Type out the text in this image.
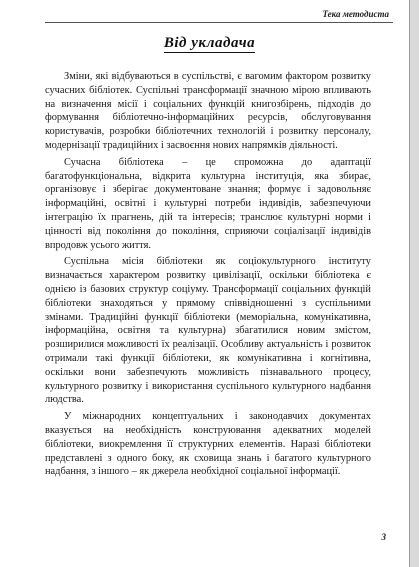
Тека методиста
Від укладача

Зміни, які відбуваються в суспільстві, є вагомим фактором розвитку сучасних бібліотек. Суспільні трансформації значною мірою впливають на визначення місії і соціальних функцій книгозбірень, підходів до формування бібліотечно-інформаційних ресурсів, обслуговування користувачів, розробки бібліотечних технологій і розвитку персоналу, модернізації традиційних і засвоєння нових напрямків діяльності.

Сучасна бібліотека – це спроможна до адаптації багатофункціональна, відкрита культурна інституція, яка збирає, організовує і зберігає документоване знання; формує і задовольняє інформаційні, освітні і культурні потреби індивідів, забезпечуючи інтеграцію їх прагнень, дій та інтересів; транслює культурні норми і цінності від покоління до покоління, сприяючи соціалізації індивідів впродовж усього життя.

Суспільна місія бібліотеки як соціокультурного інституту визначається характером розвитку цивілізації, оскільки бібліотека є однією із базових структур соціуму. Трансформації соціальних функцій бібліотеки знаходяться у прямому співвідношенні з суспільними змінами. Традиційні функції бібліотеки (меморіальна, комунікативна, інформаційна, освітня та культурна) збагатилися новим змістом, розширилися можливості їх реалізації. Особливу актуальність і розвиток отримали такі функції бібліотеки, як комунікативна і когнітивна, оскільки вони забезпечують можливість пізнавального процесу, культурного розвитку і використання суспільного культурного надбання людства.

У міжнародних концептуальних і законодавчих документах вказується на необхідність конструювання адекватних моделей бібліотеки, виокремлення її структурних елементів. Наразі бібліотеки представлені з одного боку, як сховища знань і багатого культурного надбання, з іншого – як джерела необхідної соціальної інформації.

3
